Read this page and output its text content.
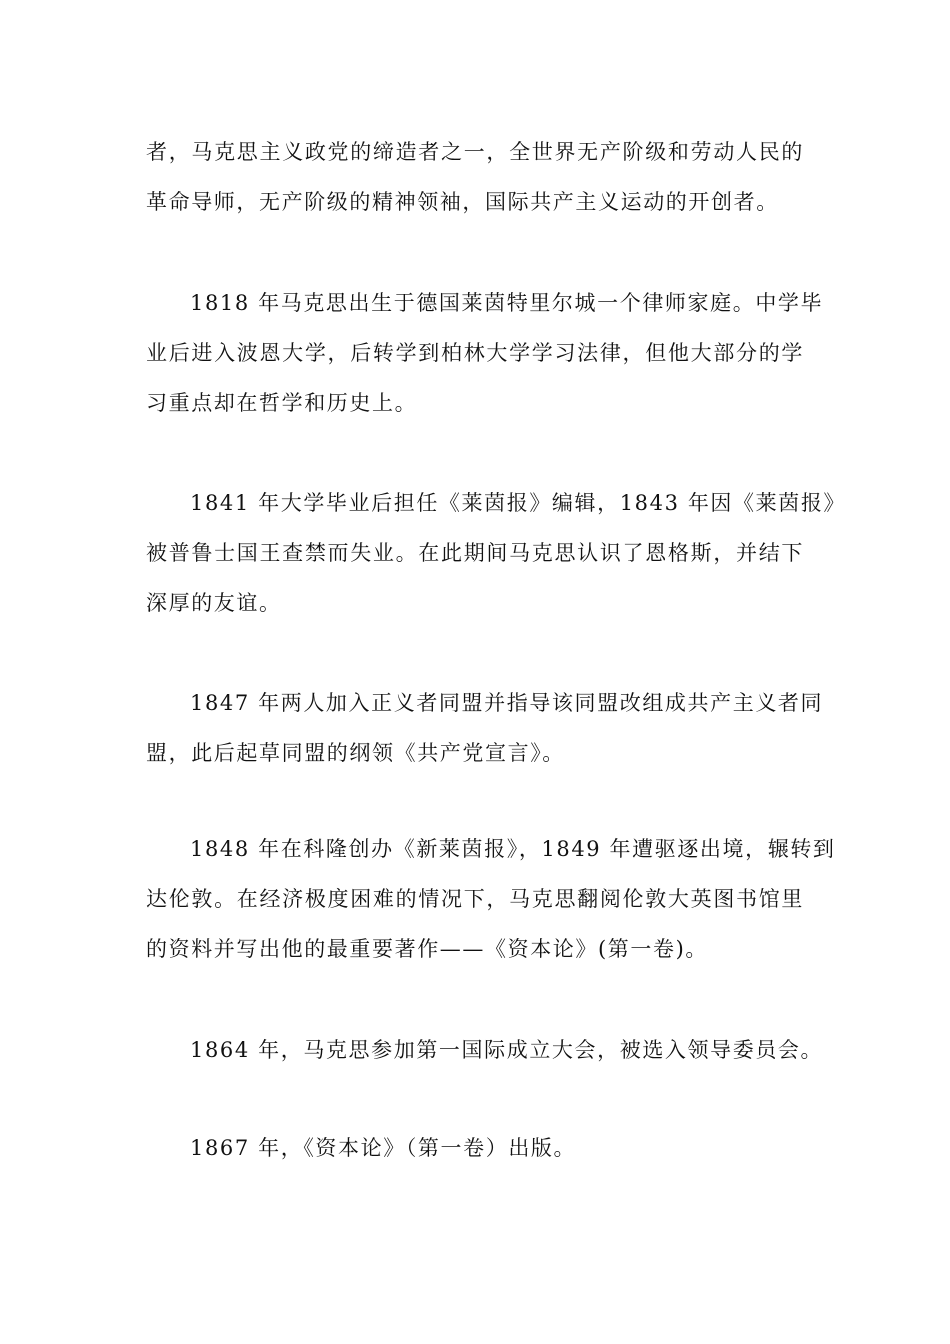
者，马克思主义政党的缔造者之一，全世界无产阶级和劳动人民的
革命导师，无产阶级的精神领袖，国际共产主义运动的开创者。
1818 年马克思出生于德国莱茵特里尔城一个律师家庭。中学毕
业后进入波恩大学，后转学到柏林大学学习法律，但他大部分的学
习重点却在哲学和历史上。
1841 年大学毕业后担任《莱茵报》编辑，1843 年因《莱茵报》
被普鲁士国王查禁而失业。在此期间马克思认识了恩格斯，并结下
深厚的友谊。
1847 年两人加入正义者同盟并指导该同盟改组成共产主义者同
盟，此后起草同盟的纲领《共产党宣言》。
1848 年在科隆创办《新莱茵报》，1849 年遭驱逐出境，辗转到
达伦敦。在经济极度困难的情况下，马克思翻阅伦敦大英图书馆里
的资料并写出他的最重要著作——《资本论》(第一卷)。
1864 年，马克思参加第一国际成立大会，被选入领导委员会。
1867 年，《资本论》（第一卷）出版。
